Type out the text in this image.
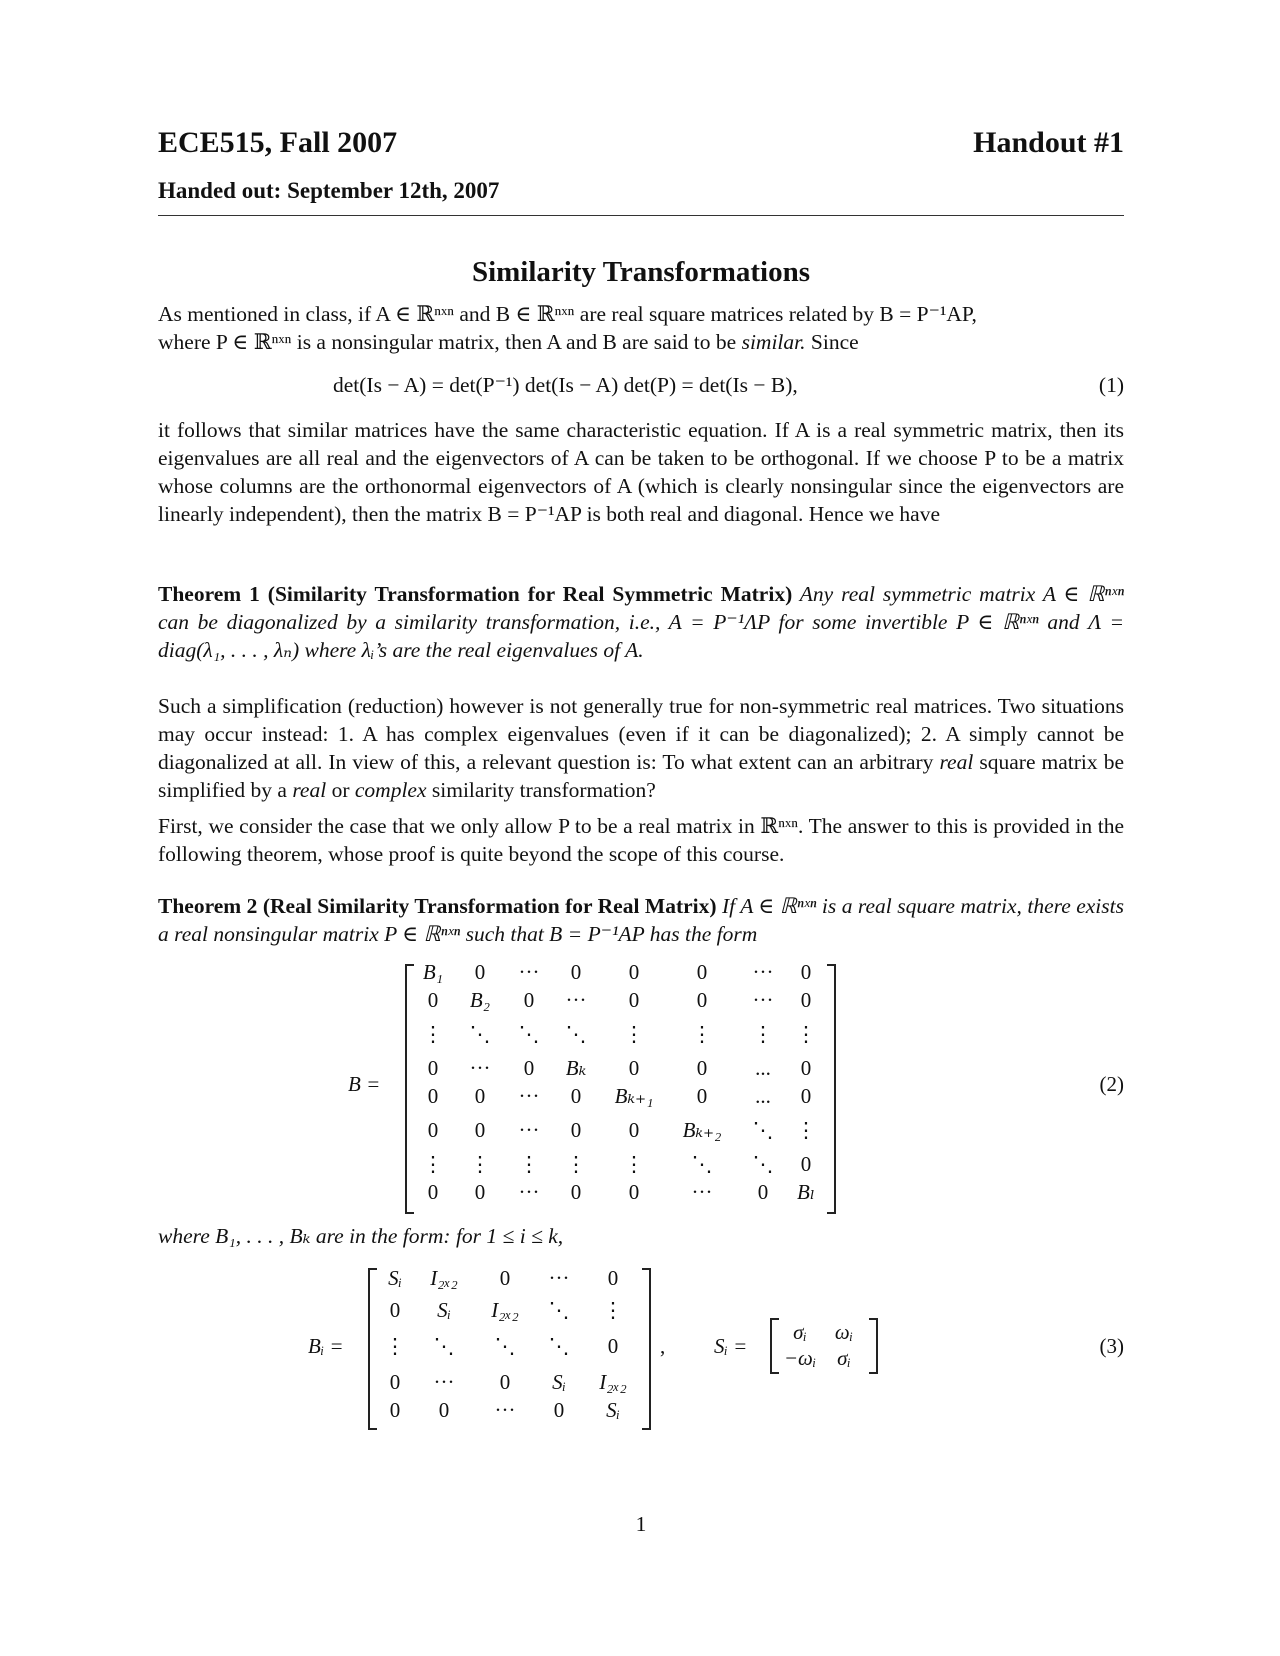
ECE515, Fall 2007	Handout #1
Handed out: September 12th, 2007
Similarity Transformations
As mentioned in class, if A ∈ ℝⁿˣⁿ and B ∈ ℝⁿˣⁿ are real square matrices related by B = P⁻¹AP,
where P ∈ ℝⁿˣⁿ is a nonsingular matrix, then A and B are said to be similar. Since
det(Is − A) = det(P⁻¹) det(Is − A) det(P) = det(Is − B),	(1)
it follows that similar matrices have the same characteristic equation. If A is a real symmetric matrix, then its eigenvalues are all real and the eigenvectors of A can be taken to be orthogonal. If we choose P to be a matrix whose columns are the orthonormal eigenvectors of A (which is clearly nonsingular since the eigenvectors are linearly independent), then the matrix B = P⁻¹AP is both real and diagonal. Hence we have
Theorem 1 (Similarity Transformation for Real Symmetric Matrix) Any real symmetric matrix A ∈ ℝⁿˣⁿ can be diagonalized by a similarity transformation, i.e., A = P⁻¹ΛP for some invertible P ∈ ℝⁿˣⁿ and Λ = diag(λ₁, . . . , λₙ) where λᵢ’s are the real eigenvalues of A.
Such a simplification (reduction) however is not generally true for non-symmetric real matrices. Two situations may occur instead: 1. A has complex eigenvalues (even if it can be diagonalized); 2. A simply cannot be diagonalized at all. In view of this, a relevant question is: To what extent can an arbitrary real square matrix be simplified by a real or complex similarity transformation?
First, we consider the case that we only allow P to be a real matrix in ℝⁿˣⁿ. The answer to this is provided in the following theorem, whose proof is quite beyond the scope of this course.
Theorem 2 (Real Similarity Transformation for Real Matrix) If A ∈ ℝⁿˣⁿ is a real square matrix, there exists a real nonsingular matrix P ∈ ℝⁿˣⁿ such that B = P⁻¹AP has the form
B =
B₁	0	···	0	0	0	···	0
0	B₂	0	···	0	0	···	0
⋮	⋱	⋱	⋱	⋮	⋮	⋮	⋮
0	···	0	Bₖ	0	0	...	0
0	0	···	0	Bₖ₊₁	0	...	0
0	0	···	0	0	Bₖ₊₂	⋱	⋮
⋮	⋮	⋮	⋮	⋮	⋱	⋱	0
0	0	···	0	0	···	0	Bₗ
(2)
where B₁, . . . , Bₖ are in the form: for 1 ≤ i ≤ k,
Bᵢ =
Sᵢ	I₂ₓ₂	0	···	0
0	Sᵢ	I₂ₓ₂	⋱	⋮
⋮	⋱	⋱	⋱	0
0	···	0	Sᵢ	I₂ₓ₂
0	0	···	0	Sᵢ
, Sᵢ =
σᵢ	ωᵢ
−ωᵢ	σᵢ	(3)
1
